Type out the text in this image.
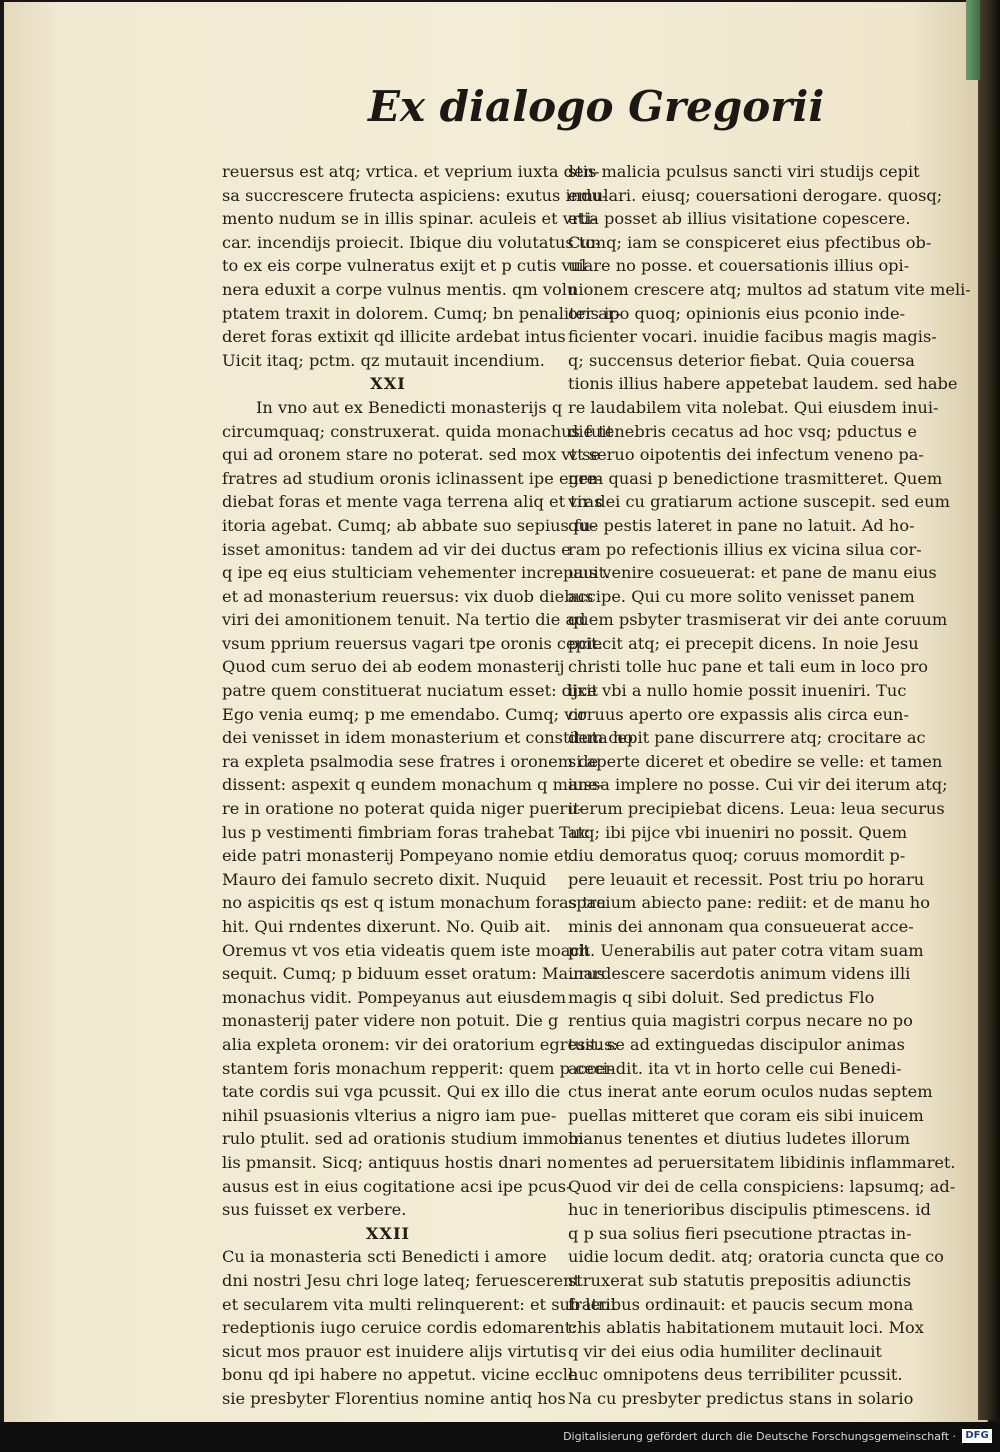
Ex dialogo Gregorii
reuersus est atq; vrtica. et veprium iuxta den-
sa succrescere frutecta aspiciens: exutus indu-
mento nudum se in illis spinar. aculeis et vrti-
car. incendijs proiecit. Ibique diu volutatus to-
to ex eis corpe vulneratus exijt et p cutis vul
nera eduxit a corpe vulnus mentis. qm volu
ptatem traxit in dolorem. Cumq; bn penaliter ar-
deret foras extixit qd illicite ardebat intus
Uicit itaq; pctm. qz mutauit incendium.
XXI
In vno aut ex Benedicti monasterijs q
circumquaq; construxerat. quida monachus fuit
qui ad oronem stare no poterat. sed mox vt se
fratres ad studium oronis iclinassent ipe egre-
diebat foras et mente vaga terrena aliq et tras
itoria agebat. Cumq; ab abbate suo sepius fu-
isset amonitus: tandem ad vir dei ductus e
q ipe eq eius stulticiam vehementer increpauit.
et ad monasterium reuersus: vix duob diebus
viri dei amonitionem tenuit. Na tertio die ad
vsum pprium reuersus vagari tpe oronis cepit.
Quod cum seruo dei ab eodem monasterij
patre quem constituerat nuciatum esset: dixit
Ego venia eumq; p me emendabo. Cumq; vir
dei venisset in idem monasterium et constituta ho
ra expleta psalmodia sese fratres i oronem de
dissent: aspexit q eundem monachum q mane-
re in oratione no poterat quida niger pueru-
lus p vestimenti fimbriam foras trahebat Tuc
eide patri monasterij Pompeyano nomie et
Mauro dei famulo secreto dixit. Nuquid
no aspicitis qs est q istum monachum foras tra
hit. Qui rndentes dixerunt. No. Quib ait.
Oremus vt vos etia videatis quem iste moach
sequit. Cumq; p biduum esset oratum: Maurus
monachus vidit. Pompeyanus aut eiusdem
monasterij pater videre non potuit. Die g
alia expleta oronem: vir dei oratorium egressus:
stantem foris monachum repperit: quem p ceci-
tate cordis sui vga pcussit. Qui ex illo die
nihil psuasionis vlterius a nigro iam pue-
rulo ptulit. sed ad orationis studium immobi
lis pmansit. Sicq; antiquus hostis dnari no
ausus est in eius cogitatione acsi ipe pcus-
sus fuisset ex verbere.
XXII
Cu ia monasteria scti Benedicti i amore
dni nostri Jesu chri loge lateq; feruescerent
et secularem vita multi relinquerent: et sub leui
redeptionis iugo ceruice cordis edomarent:
sicut mos prauor est inuidere alijs virtutis
bonu qd ipi habere no appetut. vicine eccle
sie presbyter Florentius nomine antiq hos
stis malicia pculsus sancti viri studijs cepit
emulari. eiusq; couersationi derogare. quosq;
etia posset ab illius visitatione copescere.
Cumq; iam se conspiceret eius pfectibus ob-
uiare no posse. et couersationis illius opi-
nionem crescere atq; multos ad statum vite meli-
oris ipo quoq; opinionis eius pconio inde-
ficienter vocari. inuidie facibus magis magis-
q; succensus deterior fiebat. Quia couersa
tionis illius habere appetebat laudem. sed habe
re laudabilem vita nolebat. Qui eiusdem inui-
die tenebris cecatus ad hoc vsq; pductus e
vt seruo oipotentis dei infectum veneno pa-
nem quasi p benedictione trasmitteret. Quem
vir dei cu gratiarum actione suscepit. sed eum
que pestis lateret in pane no latuit. Ad ho-
ram po refectionis illius ex vicina silua cor-
uus venire cosueuerat: et pane de manu eius
accipe. Qui cu more solito venisset panem
quem psbyter trasmiserat vir dei ante coruum
pciecit atq; ei precepit dicens. In noie Jesu
christi tolle huc pane et tali eum in loco pro
ijce vbi a nullo homie possit inueniri. Tuc
coruus aperto ore expassis alis circa eun-
dem cepit pane discurrere atq; crocitare ac
si aperte diceret et obedire se velle: et tamen
iussa implere no posse. Cui vir dei iterum atq;
iterum precipiebat dicens. Leua: leua securus
atq; ibi pijce vbi inueniri no possit. Quem
diu demoratus quoq; coruus momordit p-
pere leuauit et recessit. Post triu po horaru
spacium abiecto pane: rediit: et de manu ho
minis dei annonam qua consueuerat acce-
pit. Uenerabilis aut pater cotra vitam suam
inardescere sacerdotis animum videns illi
magis q sibi doluit. Sed predictus Flo
rentius quia magistri corpus necare no po
tuit. se ad extinguedas discipulor animas
accendit. ita vt in horto celle cui Benedi-
ctus inerat ante eorum oculos nudas septem
puellas mitteret que coram eis sibi inuicem
manus tenentes et diutius ludetes illorum
mentes ad peruersitatem libidinis inflammaret.
Quod vir dei de cella conspiciens: lapsumq; ad-
huc in tenerioribus discipulis ptimescens. id
q p sua solius fieri psecutione ptractas in-
uidie locum dedit. atq; oratoria cuncta que co
struxerat sub statutis prepositis adiunctis
fratribus ordinauit: et paucis secum mona
chis ablatis habitationem mutauit loci. Mox
q vir dei eius odia humiliter declinauit
huc omnipotens deus terribiliter pcussit.
Na cu presbyter predictus stans in solario
Digitalisierung gefördert durch die Deutsche Forschungsgemeinschaft · DFG
